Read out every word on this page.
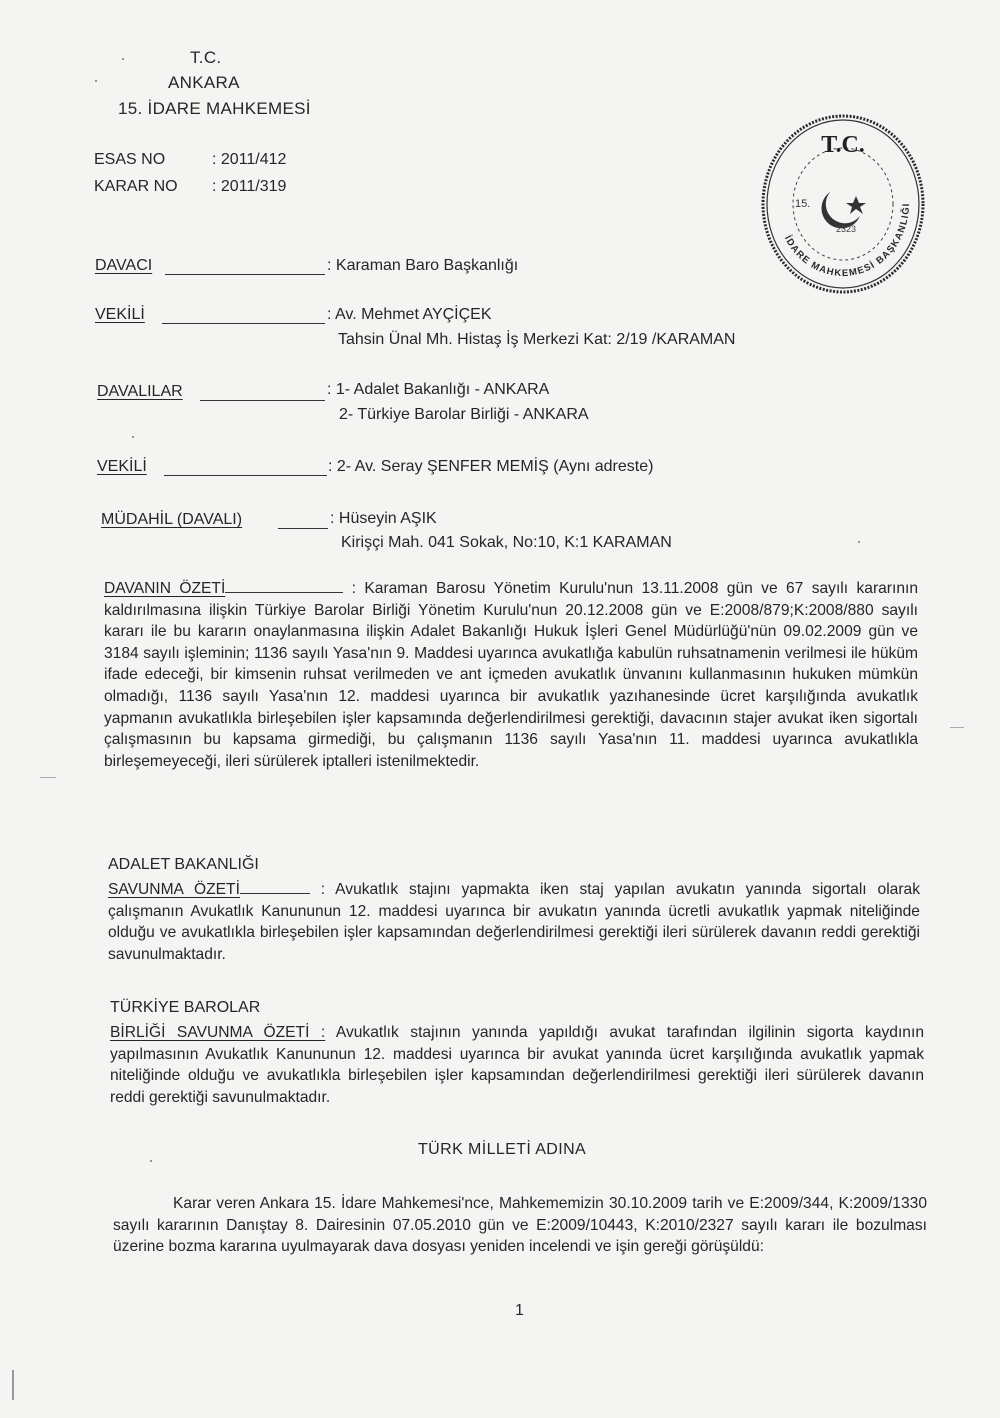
T.C.
ANKARA
15. İDARE MAHKEMESİ
ESAS NO	: 2011/412
KARAR NO : 2011/319
T.C.
15.
2323
İDARE MAHKEMESİ BAŞKANLIĞI
DAVACI	: Karaman Baro Başkanlığı
VEKİLİ	: Av. Mehmet AYÇİÇEK
Tahsin Ünal Mh. Histaş İş Merkezi Kat: 2/19 /KARAMAN
DAVALILAR	: 1- Adalet Bakanlığı - ANKARA
2- Türkiye Barolar Birliği - ANKARA
VEKİLİ	: 2- Av. Seray ŞENFER MEMİŞ (Aynı adreste)
MÜDAHİL (DAVALI)	: Hüseyin AŞIK
Kirişçi Mah. 041 Sokak, No:10, K:1 KARAMAN
DAVANIN ÖZETİ	: Karaman Barosu Yönetim Kurulu'nun 13.11.2008 gün ve 67 sayılı kararının kaldırılmasına ilişkin Türkiye Barolar Birliği Yönetim Kurulu'nun 20.12.2008 gün ve E:2008/879;K:2008/880 sayılı kararı ile bu kararın onaylanmasına ilişkin Adalet Bakanlığı Hukuk İşleri Genel Müdürlüğü'nün 09.02.2009 gün ve 3184 sayılı işleminin; 1136 sayılı Yasa'nın 9. Maddesi uyarınca avukatlığa kabulün ruhsatnamenin verilmesi ile hüküm ifade edeceği, bir kimsenin ruhsat verilmeden ve ant içmeden avukatlık ünvanını kullanmasının hukuken mümkün olmadığı, 1136 sayılı Yasa'nın 12. maddesi uyarınca bir avukatlık yazıhanesinde ücret karşılığında avukatlık yapmanın avukatlıkla birleşebilen işler kapsamında değerlendirilmesi gerektiği, davacının stajer avukat iken sigortalı çalışmasının bu kapsama girmediği, bu çalışmanın 1136 sayılı Yasa'nın 11. maddesi uyarınca avukatlıkla birleşemeyeceği, ileri sürülerek iptalleri istenilmektedir.
ADALET BAKANLIĞI
SAVUNMA ÖZETİ	: Avukatlık stajını yapmakta iken staj yapılan avukatın yanında sigortalı olarak çalışmanın Avukatlık Kanununun 12. maddesi uyarınca bir avukatın yanında ücretli avukatlık yapmak niteliğinde olduğu ve avukatlıkla birleşebilen işler kapsamından değerlendirilmesi gerektiği ileri sürülerek davanın reddi gerektiği savunulmaktadır.
TÜRKİYE BAROLAR
BİRLİĞİ SAVUNMA ÖZETİ : Avukatlık stajının yanında yapıldığı avukat tarafından ilgilinin sigorta kaydının yapılmasının Avukatlık Kanununun 12. maddesi uyarınca bir avukat yanında ücret karşılığında avukatlık yapmak niteliğinde olduğu ve avukatlıkla birleşebilen işler kapsamından değerlendirilmesi gerektiği ileri sürülerek davanın reddi gerektiği savunulmaktadır.
TÜRK MİLLETİ ADINA
Karar veren Ankara 15. İdare Mahkemesi'nce, Mahkememizin 30.10.2009 tarih ve E:2009/344, K:2009/1330 sayılı kararının Danıştay 8. Dairesinin 07.05.2010 gün ve E:2009/10443, K:2010/2327 sayılı kararı ile bozulması üzerine bozma kararına uyulmayarak dava dosyası yeniden incelendi ve işin gereği görüşüldü:
1
